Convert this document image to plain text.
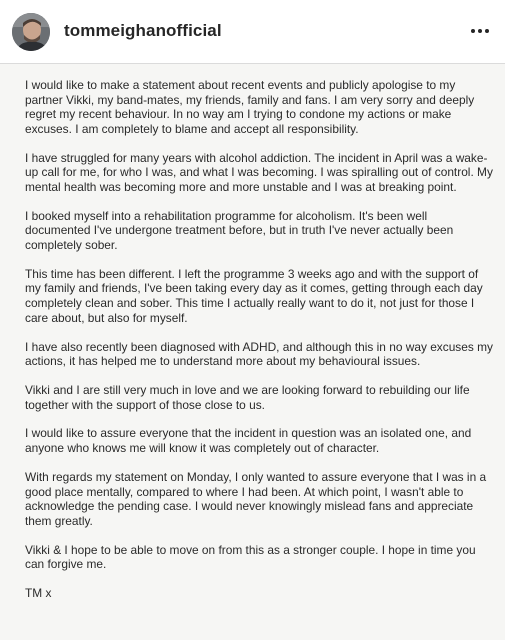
tommeighanofficial

I would like to make a statement about recent events and publicly apologise to my partner Vikki, my band-mates, my friends, family and fans. I am very sorry and deeply regret my recent behaviour. In no way am I trying to condone my actions or make excuses. I am completely to blame and accept all responsibility.

I have struggled for many years with alcohol addiction. The incident in April was a wake-up call for me, for who I was, and what I was becoming. I was spiralling out of control. My mental health was becoming more and more unstable and I was at breaking point.

I booked myself into a rehabilitation programme for alcoholism. It's been well documented I've undergone treatment before, but in truth I've never actually been completely sober.

This time has been different. I left the programme 3 weeks ago and with the support of my family and friends, I've been taking every day as it comes, getting through each day completely clean and sober. This time I actually really want to do it, not just for those I care about, but also for myself.

I have also recently been diagnosed with ADHD, and although this in no way excuses my actions, it has helped me to understand more about my behavioural issues.

Vikki and I are still very much in love and we are looking forward to rebuilding our life together with the support of those close to us.

I would like to assure everyone that the incident in question was an isolated one, and anyone who knows me will know it was completely out of character.

With regards my statement on Monday, I only wanted to assure everyone that I was in a good place mentally, compared to where I had been. At which point, I wasn't able to acknowledge the pending case. I would never knowingly mislead fans and appreciate them greatly.

Vikki & I hope to be able to move on from this as a stronger couple. I hope in time you can forgive me.

TM x
